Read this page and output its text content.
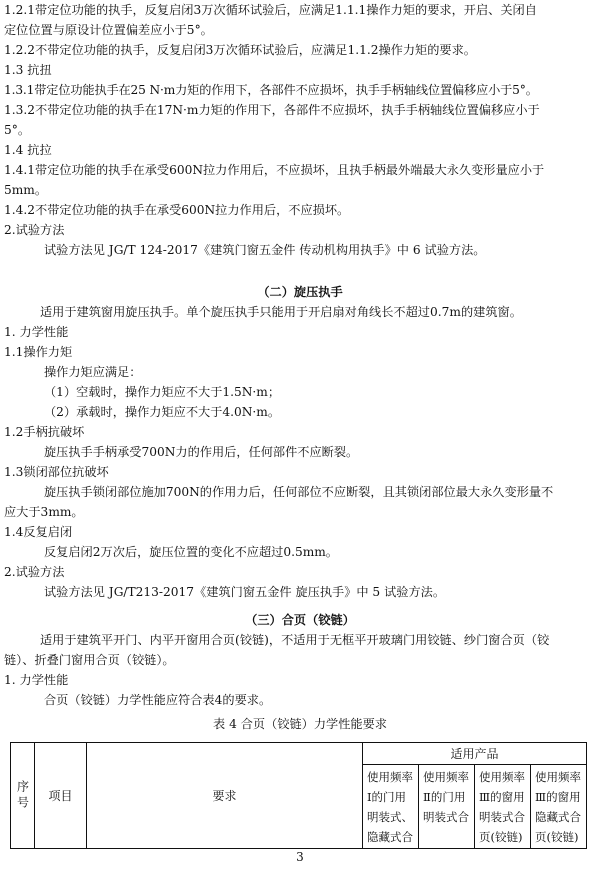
1.2.1带定位功能的执手，反复启闭3万次循环试验后，应满足1.1.1操作力矩的要求，开启、关闭自
定位位置与原设计位置偏差应小于5°。
1.2.2不带定位功能的执手，反复启闭3万次循环试验后，应满足1.1.2操作力矩的要求。
1.3 抗扭
1.3.1带定位功能执手在25 N·m力矩的作用下，各部件不应损坏，执手手柄轴线位置偏移应小于5°。
1.3.2不带定位功能的执手在17N·m力矩的作用下，各部件不应损坏，执手手柄轴线位置偏移应小于
5°。
1.4 抗拉
1.4.1带定位功能的执手在承受600N拉力作用后，不应损坏，且执手柄最外端最大永久变形量应小于
5mm。
1.4.2不带定位功能的执手在承受600N拉力作用后，不应损坏。
2.试验方法
试验方法见 JG/T 124-2017《建筑门窗五金件 传动机构用执手》中 6 试验方法。
（二）旋压执手
适用于建筑窗用旋压执手。单个旋压执手只能用于开启扇对角线长不超过0.7m的建筑窗。
1. 力学性能
1.1操作力矩
操作力矩应满足：
（1）空载时，操作力矩应不大于1.5N·m；
（2）承载时，操作力矩应不大于4.0N·m。
1.2手柄抗破坏
旋压执手手柄承受700N力的作用后，任何部件不应断裂。
1.3锁闭部位抗破坏
旋压执手锁闭部位施加700N的作用力后，任何部位不应断裂，且其锁闭部位最大永久变形量不
应大于3mm。
1.4反复启闭
反复启闭2万次后，旋压位置的变化不应超过0.5mm。
2.试验方法
试验方法见 JG/T213-2017《建筑门窗五金件 旋压执手》中 5 试验方法。
（三）合页（铰链）
适用于建筑平开门、内平开窗用合页(铰链)，不适用于无框平开玻璃门用铰链、纱门窗合页（铰
链）、折叠门窗用合页（铰链）。
1. 力学性能
合页（铰链）力学性能应符合表4的要求。
表 4 合页（铰链）力学性能要求
序号	项目	要求	适用产品			
			使用频率Ⅰ的门用明装式、隐藏式合	使用频率Ⅱ的门用明装式合	使用频率Ⅲ的窗用明装式合页(铰链)	使用频率Ⅲ的窗用隐藏式合页(铰链)
3
